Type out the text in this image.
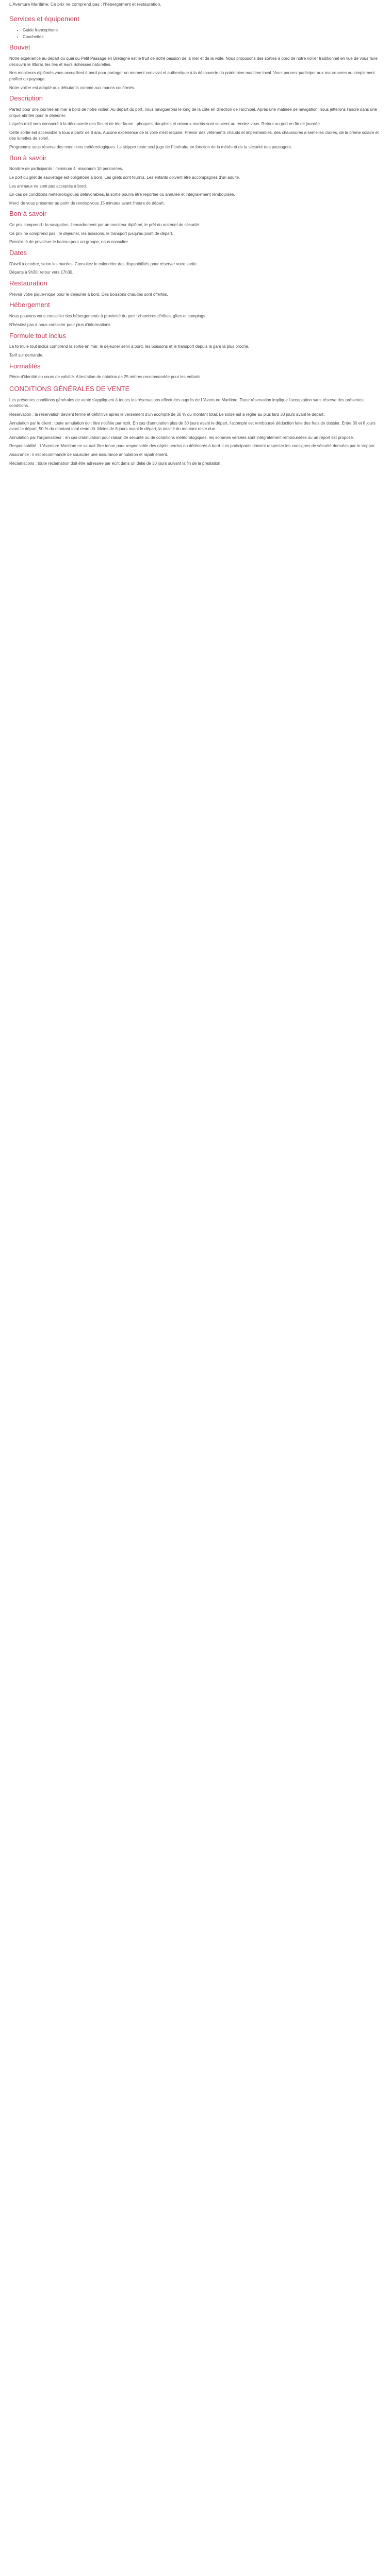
L'Aventure Maritime: Ce prix ne comprend pas : l'hébergement et restauration.

Services et équipement
• Guide francophone
• Couchettes
Bouvet

Notre expérience au départ du quai du Petit Passage en Bretagne est le fruit de notre passion de la mer et de la voile. Nous proposons des sorties à bord de notre voilier traditionnel en vue de vous faire découvrir le littoral, les îles et leurs richesses naturelles.

Nos moniteurs diplômés vous accueillent à bord pour partager un moment convivial et authentique à la découverte du patrimoine maritime local. Vous pourrez participer aux manœuvres ou simplement profiter du paysage.

Notre voilier est adapté aux débutants comme aux marins confirmés.

Description

Partez pour une journée en mer à bord de notre voilier. Au départ du port, nous naviguerons le long de la côte en direction de l'archipel. Après une matinée de navigation, nous jetterons l'ancre dans une crique abritée pour le déjeuner.

L'après-midi sera consacré à la découverte des îles et de leur faune : phoques, dauphins et oiseaux marins sont souvent au rendez-vous. Retour au port en fin de journée.

Cette sortie est accessible à tous à partir de 8 ans. Aucune expérience de la voile n'est requise. Prévoir des vêtements chauds et imperméables, des chaussures à semelles claires, de la crème solaire et des lunettes de soleil.

Programme sous réserve des conditions météorologiques. Le skipper reste seul juge de l'itinéraire en fonction de la météo et de la sécurité des passagers.

Bon à savoir

Nombre de participants : minimum 4, maximum 10 personnes.

Le port du gilet de sauvetage est obligatoire à bord. Les gilets sont fournis. Les enfants doivent être accompagnés d'un adulte.

Les animaux ne sont pas acceptés à bord.

En cas de conditions météorologiques défavorables, la sortie pourra être reportée ou annulée et intégralement remboursée.

Merci de vous présenter au point de rendez-vous 15 minutes avant l'heure de départ.

Bon à savoir

Ce prix comprend : la navigation, l'encadrement par un moniteur diplômé, le prêt du matériel de sécurité.

Ce prix ne comprend pas : le déjeuner, les boissons, le transport jusqu'au point de départ.

Possibilité de privatiser le bateau pour un groupe, nous consulter.

Dates

D'avril à octobre, selon les marées. Consultez le calendrier des disponibilités pour réserver votre sortie.

Départs à 9h30, retour vers 17h30.

Restauration

Prévoir votre pique-nique pour le déjeuner à bord. Des boissons chaudes sont offertes.

Hébergement

Nous pouvons vous conseiller des hébergements à proximité du port : chambres d'hôtes, gîtes et campings.

N'hésitez pas à nous contacter pour plus d'informations.

Formule tout inclus

La formule tout inclus comprend la sortie en mer, le déjeuner servi à bord, les boissons et le transport depuis la gare la plus proche.

Tarif sur demande.

Formalités

Pièce d'identité en cours de validité. Attestation de natation de 25 mètres recommandée pour les enfants.

CONDITIONS GÉNÉRALES DE VENTE

Les présentes conditions générales de vente s'appliquent à toutes les réservations effectuées auprès de L'Aventure Maritime. Toute réservation implique l'acceptation sans réserve des présentes conditions.

Réservation : la réservation devient ferme et définitive après le versement d'un acompte de 30 % du montant total. Le solde est à régler au plus tard 30 jours avant le départ.

Annulation par le client : toute annulation doit être notifiée par écrit. En cas d'annulation plus de 30 jours avant le départ, l'acompte est remboursé déduction faite des frais de dossier. Entre 30 et 8 jours avant le départ, 50 % du montant total reste dû. Moins de 8 jours avant le départ, la totalité du montant reste due.

Annulation par l'organisateur : en cas d'annulation pour raison de sécurité ou de conditions météorologiques, les sommes versées sont intégralement remboursées ou un report est proposé.

Responsabilité : L'Aventure Maritime ne saurait être tenue pour responsable des objets perdus ou détériorés à bord. Les participants doivent respecter les consignes de sécurité données par le skipper.

Assurance : il est recommandé de souscrire une assurance annulation et rapatriement.

Réclamations : toute réclamation doit être adressée par écrit dans un délai de 30 jours suivant la fin de la prestation.
